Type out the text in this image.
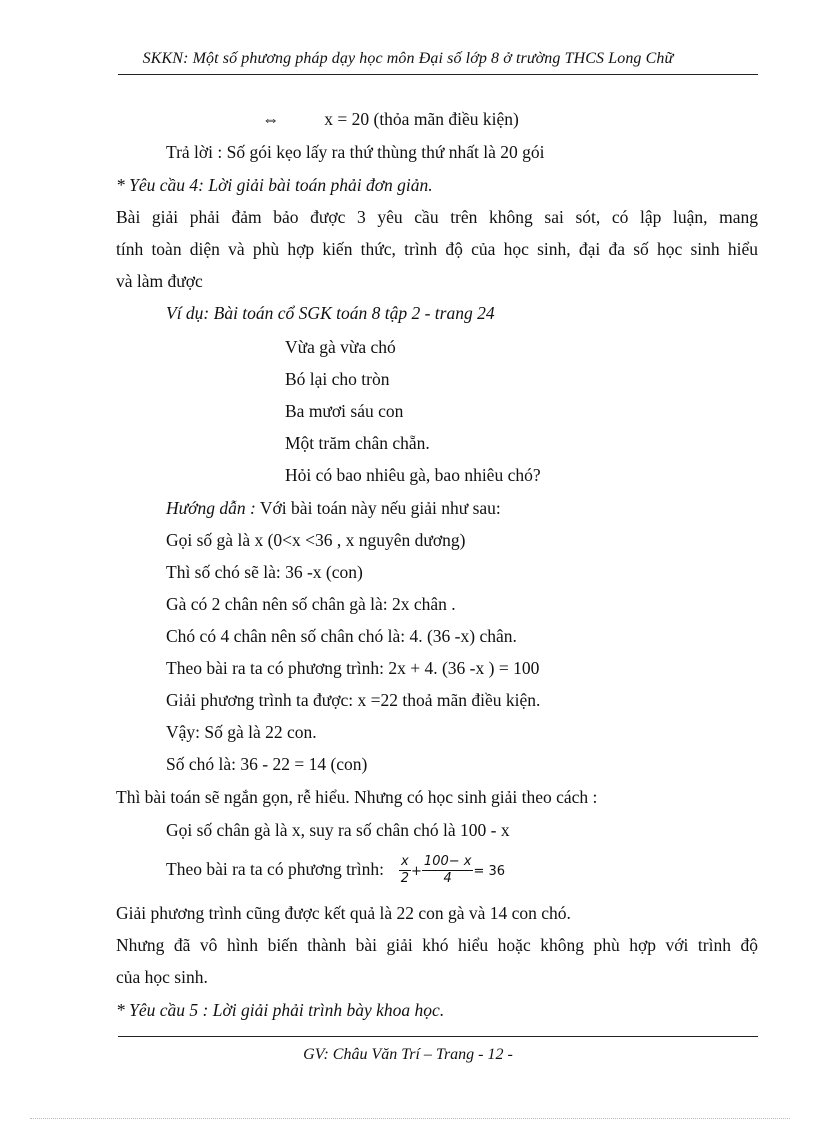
SKKN: Một số phương pháp dạy học môn Đại số lớp 8 ở trường THCS Long Chữ
⇔	x = 20 (thỏa mãn điều kiện)
Trả lời : Số gói kẹo lấy ra thứ thùng thứ nhất là 20 gói
* Yêu cầu 4: Lời giải bài toán phải đơn giản.
Bài giải phải đảm bảo được 3 yêu cầu trên không sai sót, có lập luận, mang
tính toàn diện và phù hợp kiến thức, trình độ của học sinh, đại đa số học sinh hiểu
và làm được
Ví dụ: Bài toán cổ SGK toán 8 tập 2 - trang 24
Vừa gà vừa chó
Bó lại cho tròn
Ba mươi sáu con
Một trăm chân chẵn.
Hỏi có bao nhiêu gà, bao nhiêu chó?
Hướng dẫn : Với bài toán này nếu giải như sau:
Gọi số gà là x (0<x <36 , x nguyên dương)
Thì số chó sẽ là: 36 -x (con)
Gà có 2 chân nên số chân gà là: 2x chân .
Chó có 4 chân nên số chân chó là: 4. (36 -x) chân.
Theo bài ra ta có phương trình: 2x + 4. (36 -x ) = 100
Giải phương trình ta được: x =22 thoả mãn điều kiện.
Vậy: Số gà là 22 con.
Số chó là: 36 - 22 = 14 (con)
Thì bài toán sẽ ngắn gọn, rễ hiểu. Nhưng có học sinh giải theo cách :
Gọi số chân gà là x, suy ra số chân chó là 100 - x
Theo bài ra ta có phương trình: $\frac{x}{2} + \frac{100- x}{4} = 36$
Giải phương trình cũng được kết quả là 22 con gà và 14 con chó.
Nhưng đã vô hình biến thành bài giải khó hiểu hoặc không phù hợp với trình độ
của học sinh.
* Yêu cầu 5 : Lời giải phải trình bày khoa học.
GV: Châu Văn Trí – Trang - 12 -
